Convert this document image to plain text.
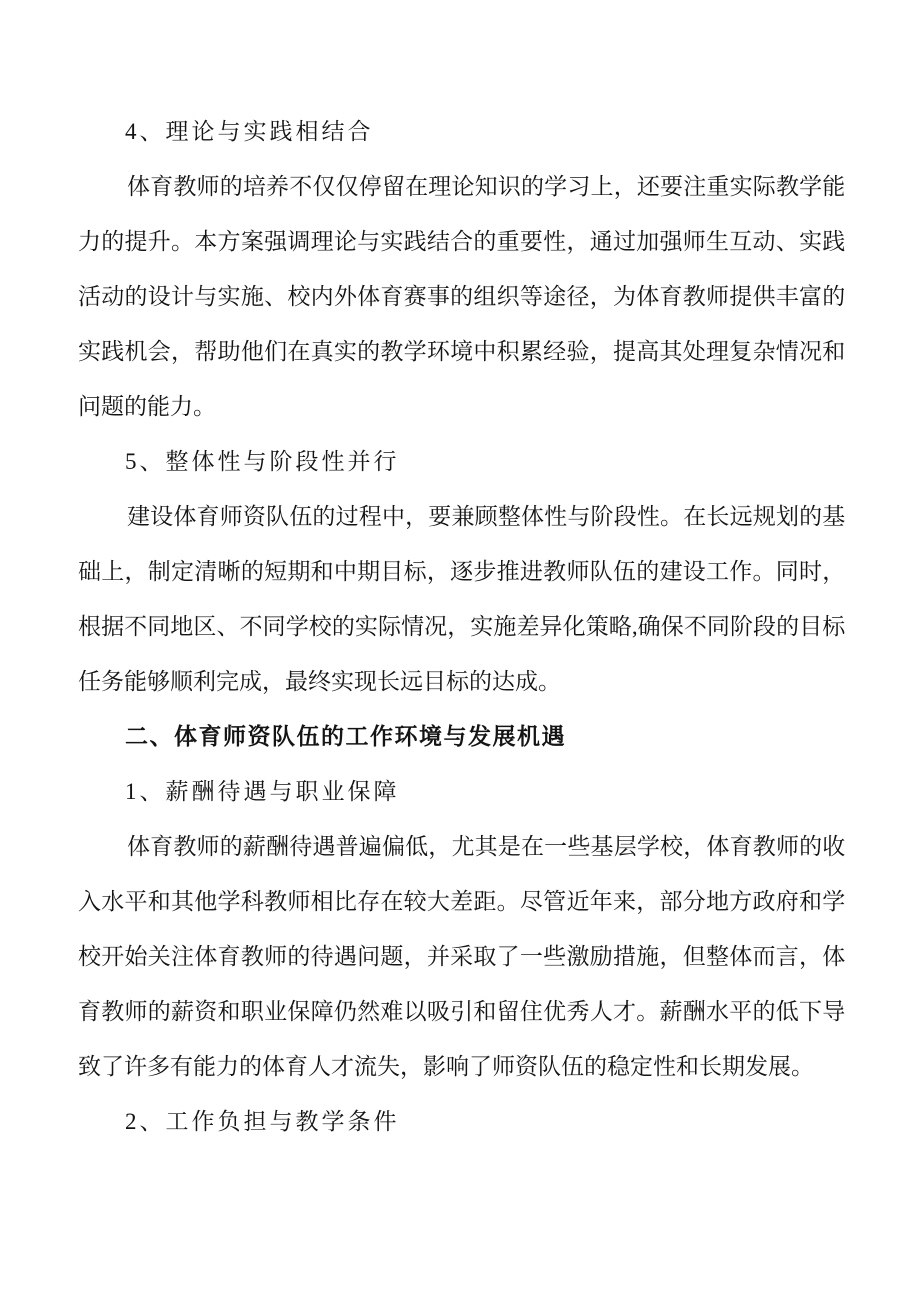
4、理论与实践相结合
体育教师的培养不仅仅停留在理论知识的学习上，还要注重实际教学能
力的提升。本方案强调理论与实践结合的重要性，通过加强师生互动、实践
活动的设计与实施、校内外体育赛事的组织等途径，为体育教师提供丰富的
实践机会，帮助他们在真实的教学环境中积累经验，提高其处理复杂情况和
问题的能力。
5、整体性与阶段性并行
建设体育师资队伍的过程中，要兼顾整体性与阶段性。在长远规划的基
础上，制定清晰的短期和中期目标，逐步推进教师队伍的建设工作。同时，
根据不同地区、不同学校的实际情况，实施差异化策略,确保不同阶段的目标
任务能够顺利完成，最终实现长远目标的达成。
二、体育师资队伍的工作环境与发展机遇
1、薪酬待遇与职业保障
体育教师的薪酬待遇普遍偏低，尤其是在一些基层学校，体育教师的收
入水平和其他学科教师相比存在较大差距。尽管近年来，部分地方政府和学
校开始关注体育教师的待遇问题，并采取了一些激励措施，但整体而言，体
育教师的薪资和职业保障仍然难以吸引和留住优秀人才。薪酬水平的低下导
致了许多有能力的体育人才流失，影响了师资队伍的稳定性和长期发展。
2、工作负担与教学条件
